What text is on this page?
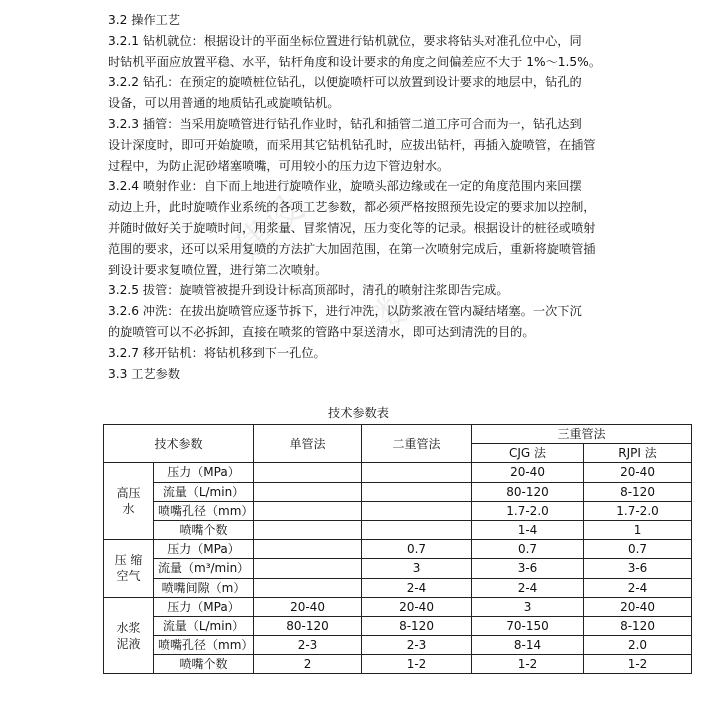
建设
数
3.2 操作工艺
3.2.1 钻机就位：根据设计的平面坐标位置进行钻机就位，要求将钻头对准孔位中心，同
时钻机平面应放置平稳、水平，钻杆角度和设计要求的角度之间偏差应不大于 1%～1.5%。
3.2.2 钻孔：在预定的旋喷桩位钻孔，以便旋喷杆可以放置到设计要求的地层中，钻孔的
设备，可以用普通的地质钻孔或旋喷钻机。
3.2.3 插管：当采用旋喷管进行钻孔作业时，钻孔和插管二道工序可合而为一，钻孔达到
设计深度时，即可开始旋喷，而采用其它钻机钻孔时，应拔出钻杆，再插入旋喷管，在插管
过程中，为防止泥砂堵塞喷嘴，可用较小的压力边下管边射水。
3.2.4 喷射作业：自下而上地进行旋喷作业，旋喷头部边缘或在一定的角度范围内来回摆
动边上升，此时旋喷作业系统的各项工艺参数，都必须严格按照预先设定的要求加以控制，
并随时做好关于旋喷时间，用浆量、冒浆情况，压力变化等的记录。根据设计的桩径或喷射
范围的要求，还可以采用复喷的方法扩大加固范围，在第一次喷射完成后，重新将旋喷管插
到设计要求复喷位置，进行第二次喷射。
3.2.5 拔管：旋喷管被提升到设计标高顶部时，清孔的喷射注浆即告完成。
3.2.6 冲洗：在拔出旋喷管应逐节拆下，进行冲洗，以防浆液在管内凝结堵塞。一次下沉
的旋喷管可以不必拆卸，直接在喷浆的管路中泵送清水，即可达到清洗的目的。
3.2.7 移开钻机：将钻机移到下一孔位。
3.3 工艺参数
技术参数表
技术参数		单管法	二重管法	三重管法	
				CJG 法	RJPI 法

高压
水	压力（MPa）			20-40	20-40
	流量（L/min）			80-120	8-120
	喷嘴孔径（mm）			1.7-2.0	1.7-2.0
	喷嘴个数			1-4	1

压 缩
空气	压力（MPa）		0.7	0.7	0.7
	流量（m³/min）		3	3-6	3-6
	喷嘴间隙（m）		2-4	2-4	2-4

水浆
泥液	压力（MPa）	20-40	20-40	3	20-40
	流量（L/min）	80-120	8-120	70-150	8-120
	喷嘴孔径（mm）	2-3	2-3	8-14	2.0
	喷嘴个数	2	1-2	1-2	1-2
